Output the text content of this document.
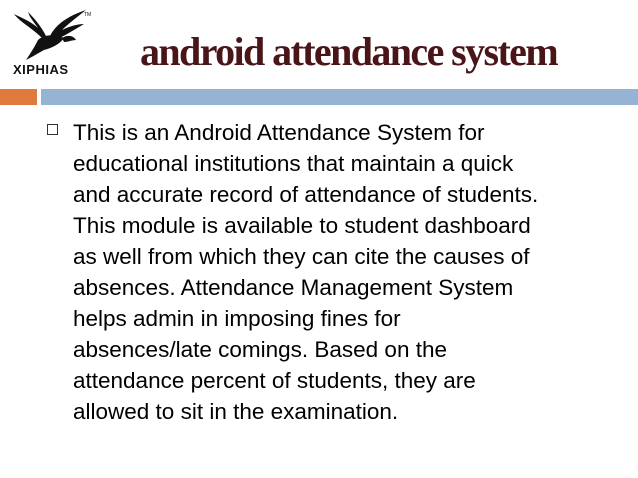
TM
XIPHIAS android attendance system

This is an Android Attendance System for
educational institutions that maintain a quick
and accurate record of attendance of students.
This module is available to student dashboard
as well from which they can cite the causes of
absences. Attendance Management System
helps admin in imposing fines for
absences/late comings. Based on the
attendance percent of students, they are
allowed to sit in the examination.
